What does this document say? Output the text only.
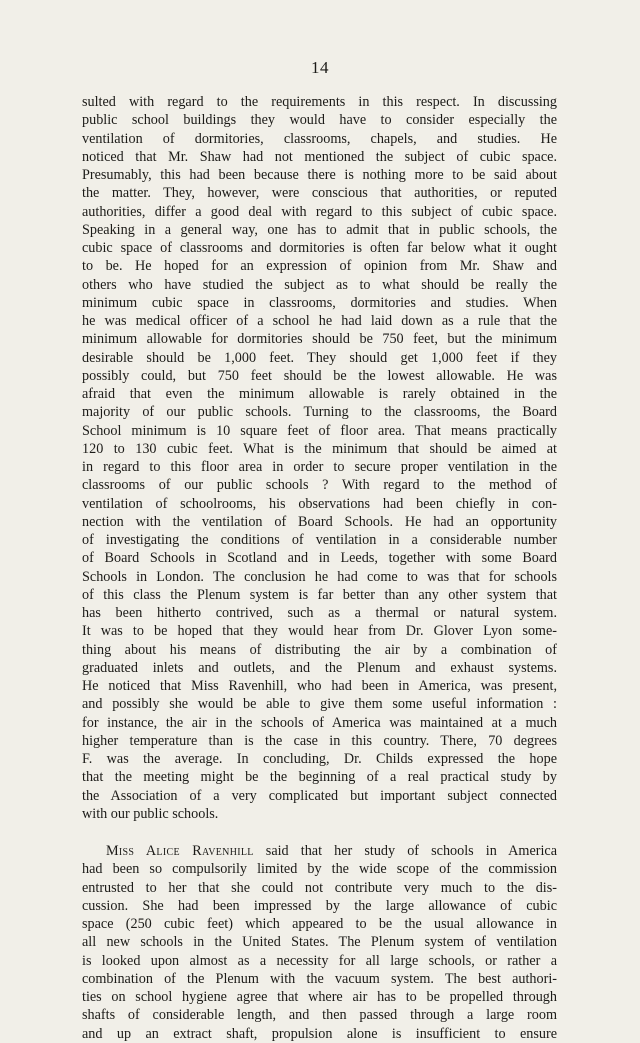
14
sulted with regard to the requirements in this respect. In discussing
public school buildings they would have to consider especially the
ventilation of dormitories, classrooms, chapels, and studies. He
noticed that Mr. Shaw had not mentioned the subject of cubic space.
Presumably, this had been because there is nothing more to be said about
the matter. They, however, were conscious that authorities, or reputed
authorities, differ a good deal with regard to this subject of cubic space.
Speaking in a general way, one has to admit that in public schools, the
cubic space of classrooms and dormitories is often far below what it ought
to be. He hoped for an expression of opinion from Mr. Shaw and
others who have studied the subject as to what should be really the
minimum cubic space in classrooms, dormitories and studies. When
he was medical officer of a school he had laid down as a rule that the
minimum allowable for dormitories should be 750 feet, but the minimum
desirable should be 1,000 feet. They should get 1,000 feet if they
possibly could, but 750 feet should be the lowest allowable. He was
afraid that even the minimum allowable is rarely obtained in the
majority of our public schools. Turning to the classrooms, the Board
School minimum is 10 square feet of floor area. That means practically
120 to 130 cubic feet. What is the minimum that should be aimed at
in regard to this floor area in order to secure proper ventilation in the
classrooms of our public schools ? With regard to the method of
ventilation of schoolrooms, his observations had been chiefly in con-
nection with the ventilation of Board Schools. He had an opportunity
of investigating the conditions of ventilation in a considerable number
of Board Schools in Scotland and in Leeds, together with some Board
Schools in London. The conclusion he had come to was that for schools
of this class the Plenum system is far better than any other system that
has been hitherto contrived, such as a thermal or natural system.
It was to be hoped that they would hear from Dr. Glover Lyon some-
thing about his means of distributing the air by a combination of
graduated inlets and outlets, and the Plenum and exhaust systems.
He noticed that Miss Ravenhill, who had been in America, was present,
and possibly she would be able to give them some useful information :
for instance, the air in the schools of America was maintained at a much
higher temperature than is the case in this country. There, 70 degrees
F. was the average. In concluding, Dr. Childs expressed the hope
that the meeting might be the beginning of a real practical study by
the Association of a very complicated but important subject connected
with our public schools.
Miss Alice Ravenhill said that her study of schools in America
had been so compulsorily limited by the wide scope of the commission
entrusted to her that she could not contribute very much to the dis-
cussion. She had been impressed by the large allowance of cubic
space (250 cubic feet) which appeared to be the usual allowance in
all new schools in the United States. The Plenum system of ventilation
is looked upon almost as a necessity for all large schools, or rather a
combination of the Plenum with the vacuum system. The best authori-
ties on school hygiene agree that where air has to be propelled through
shafts of considerable length, and then passed through a large room
and up an extract shaft, propulsion alone is insufficient to ensure
